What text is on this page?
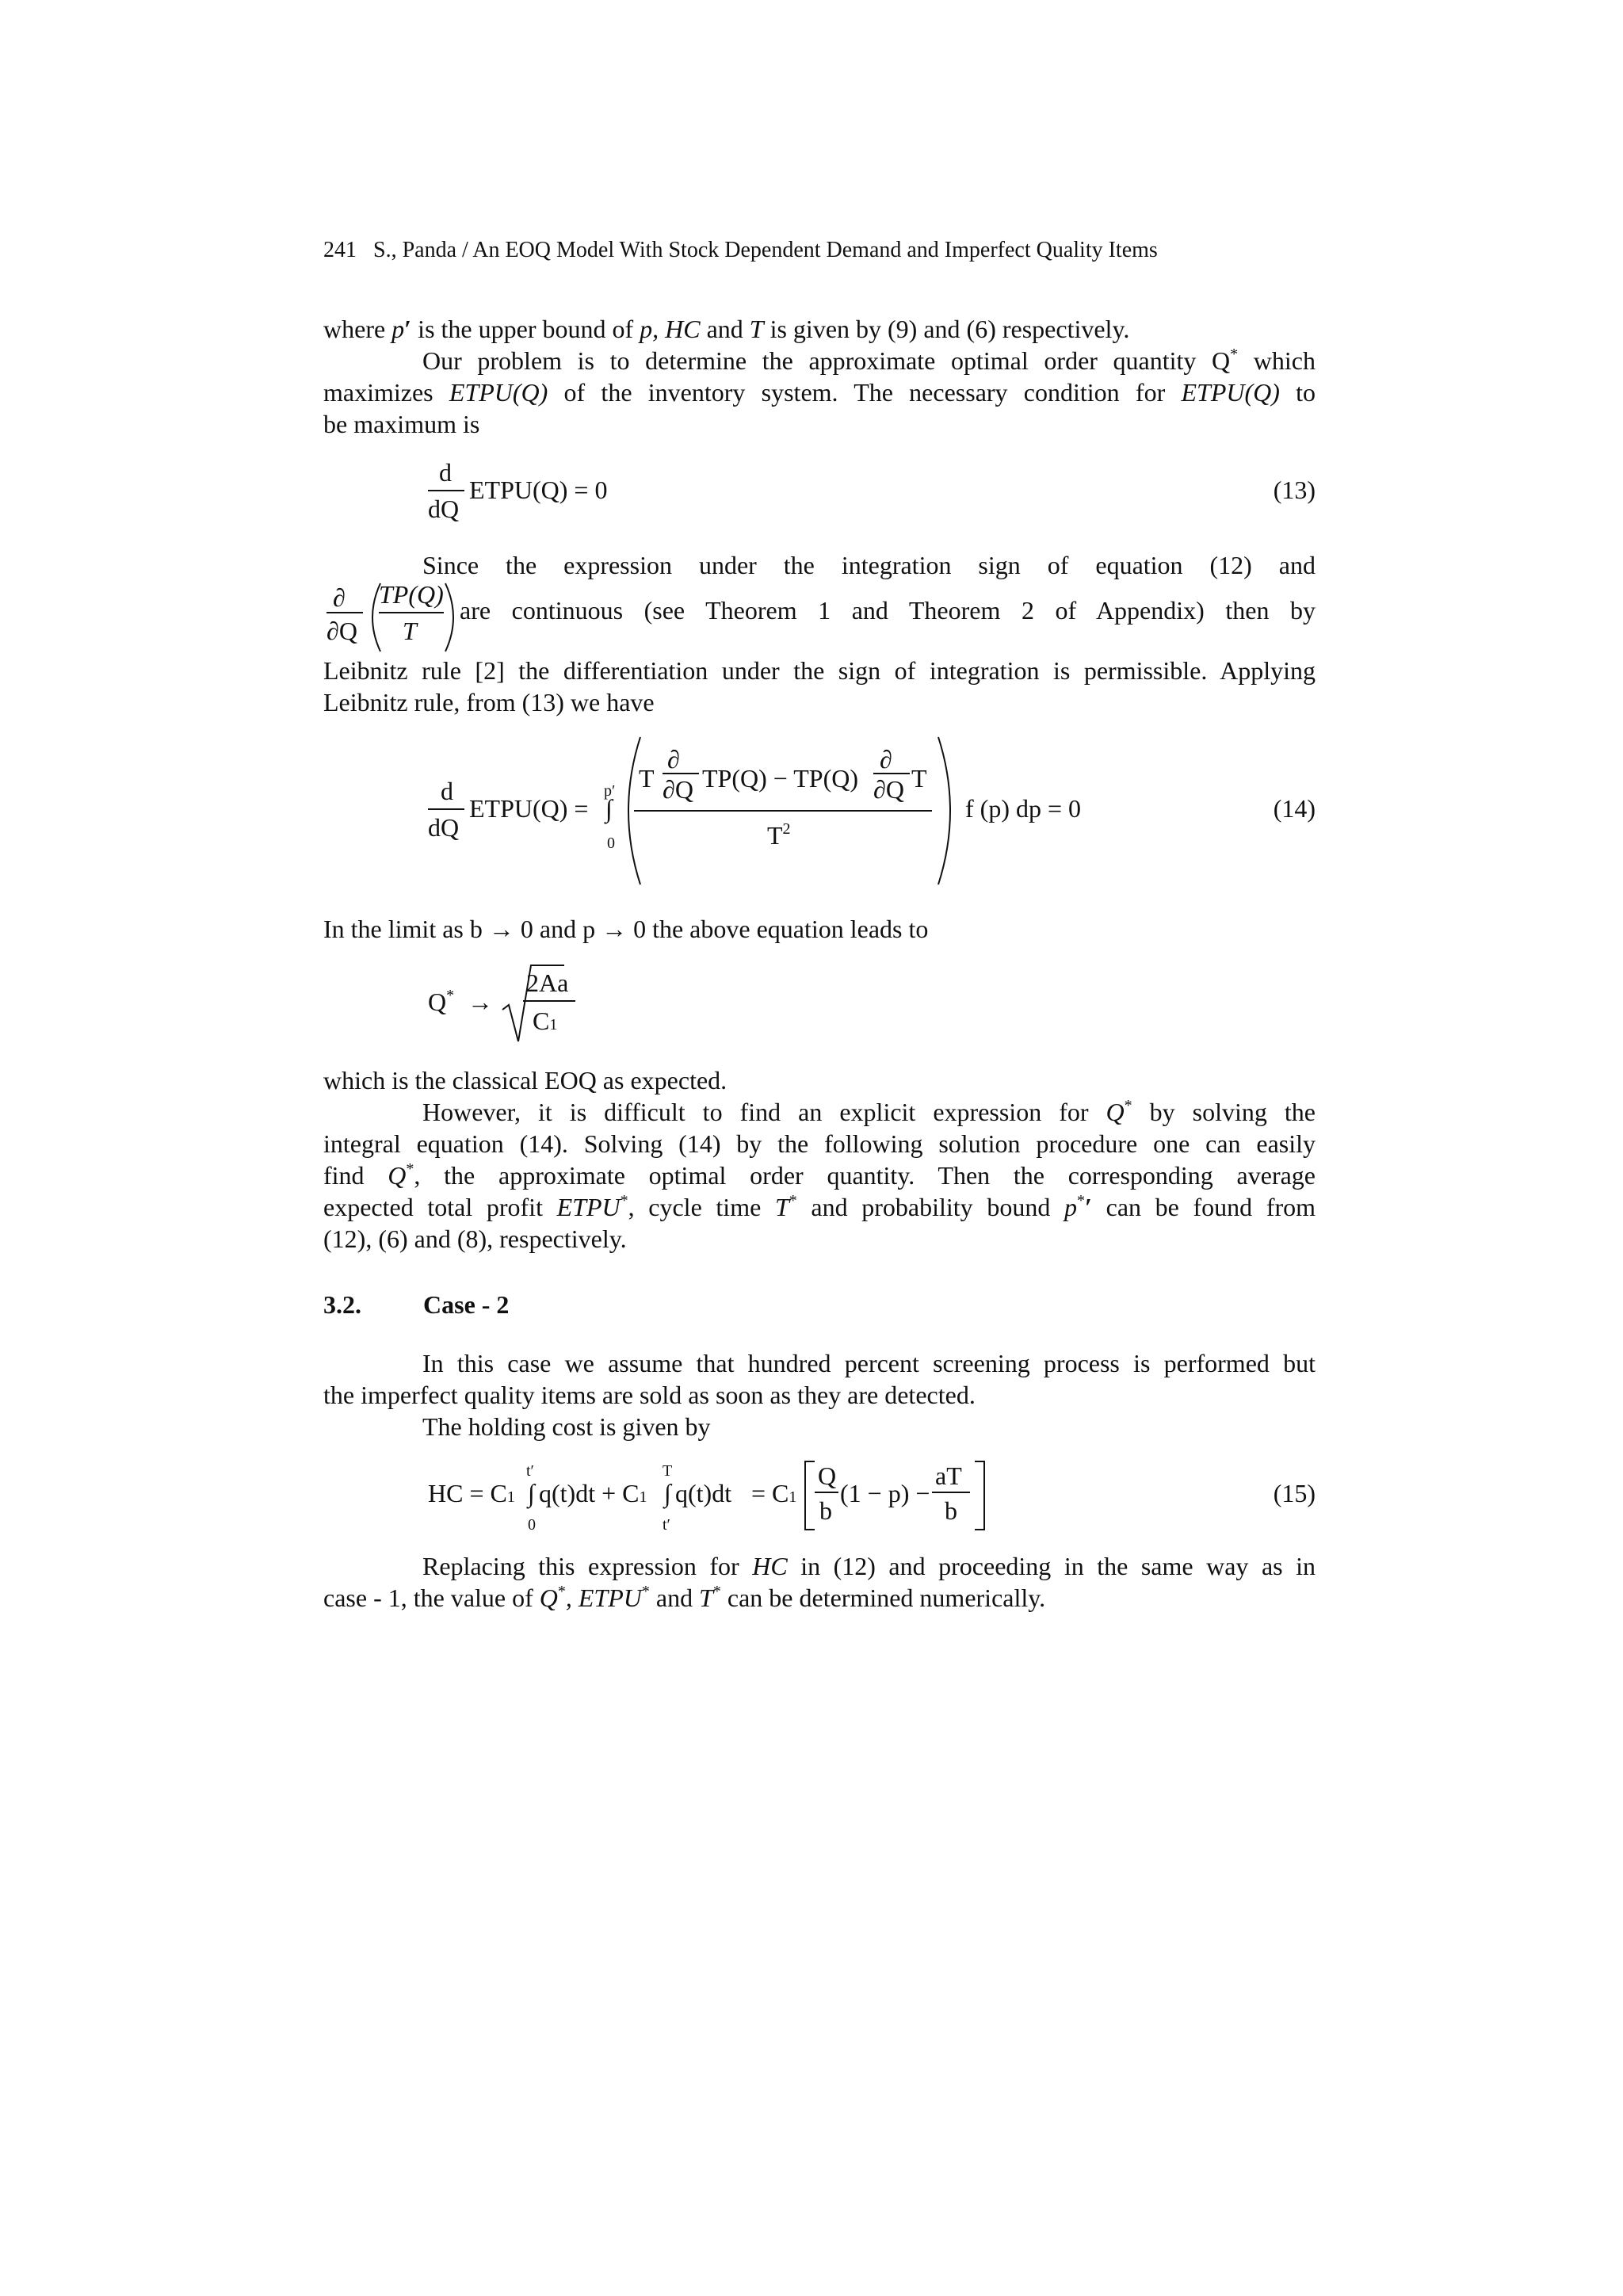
241 S., Panda / An EOQ Model With Stock Dependent Demand and Imperfect Quality Items
where p′ is the upper bound of p, HC and T is given by (9) and (6) respectively.
Our problem is to determine the approximate optimal order quantity Q* which
maximizes ETPU(Q) of the inventory system. The necessary condition for ETPU(Q) to
be maximum is
d
dQ
ETPU(Q) = 0	(13)
Since the expression under the integration sign of equation (12) and
∂
∂Q
TP(Q)
T
are continuous (see Theorem 1 and Theorem 2 of Appendix) then by
Leibnitz rule [2] the differentiation under the sign of integration is permissible. Applying
Leibnitz rule, from (13) we have
d
dQ
ETPU(Q) =
p′
∫
0
T
∂
∂Q TP(Q) − TP(Q)
∂
∂Q T
$T^2$
f (p) dp = 0	(14)
In the limit as b → 0 and p → 0 the above equation leads to
Q* →
2Aa
C1
which is the classical EOQ as expected.
However, it is difficult to find an explicit expression for Q* by solving the
integral equation (14). Solving (14) by the following solution procedure one can easily
find Q*, the approximate optimal order quantity. Then the corresponding average
expected total profit ETPU*, cycle time T* and probability bound p*′ can be found from
(12), (6) and (8), respectively.
3.2. Case - 2
In this case we assume that hundred percent screening process is performed but
the imperfect quality items are sold as soon as they are detected.
The holding cost is given by
HC = C1
t′
∫
0
q(t)dt + C1
T
∫
t′
q(t)dt = C1
Q
b
(1 − p) −
aT
b
(15)
Replacing this expression for HC in (12) and proceeding in the same way as in
case - 1, the value of Q*, ETPU* and T* can be determined numerically.
